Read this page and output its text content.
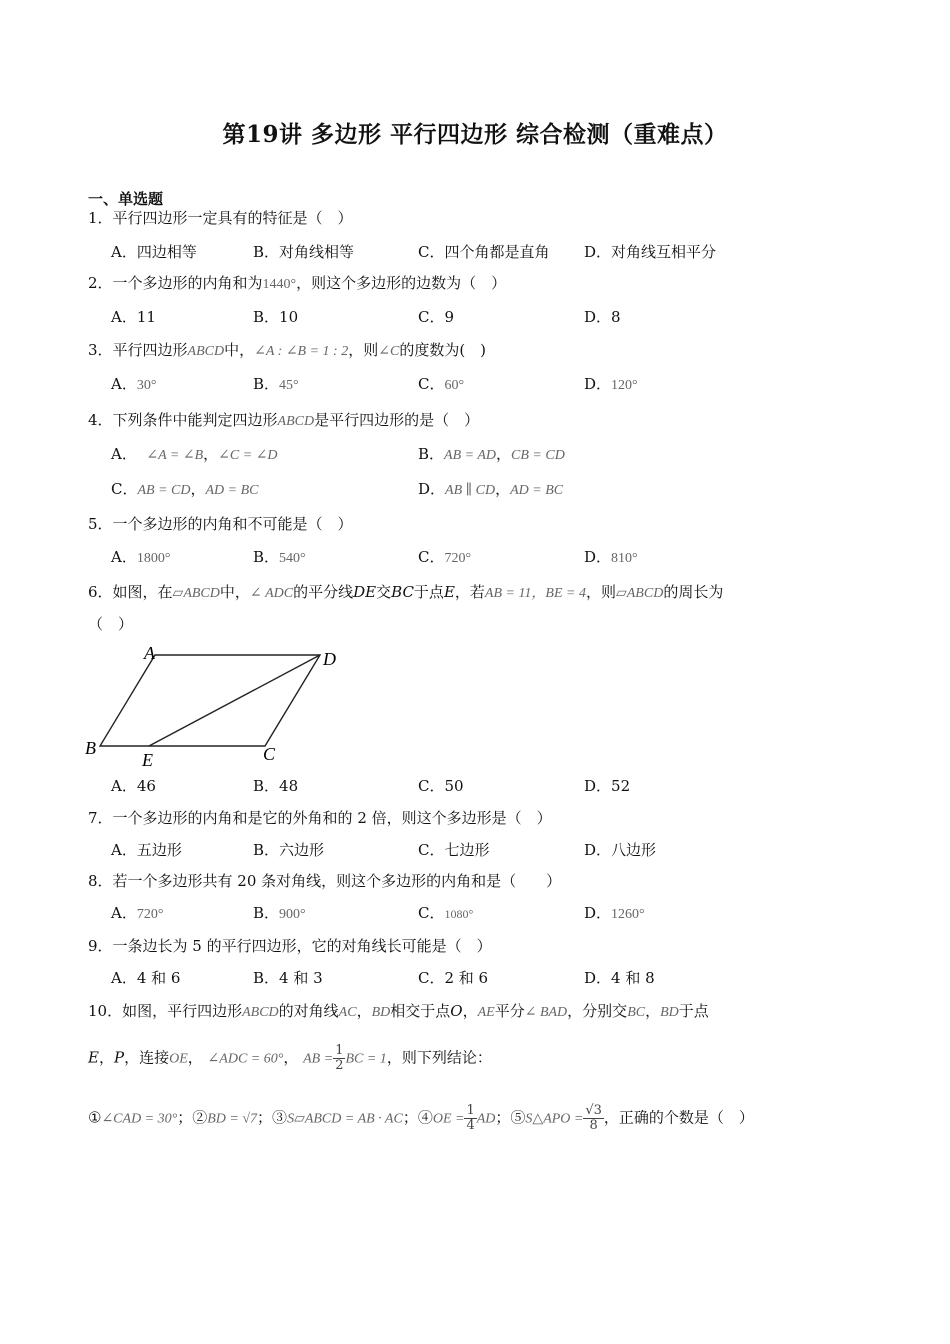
第19讲 多边形 平行四边形 综合检测（重难点）
一、单选题
1．平行四边形一定具有的特征是（　）
A．四边相等	B．对角线相等	C．四个角都是直角 D．对角线互相平分
2．一个多边形的内角和为1440°，则这个多边形的边数为（　）
A．11	B．10	C．9	D．8
3．平行四边形ABCD中，∠A : ∠B = 1 : 2，则∠C的度数为(　)
A．30°	B．45°	C．60°	D．120°
4．下列条件中能判定四边形ABCD是平行四边形的是（　）
A． ∠A = ∠B，∠C = ∠D	B．AB = AD，CB = CD
C．AB = CD，AD = BC	D．AB ∥ CD，AD = BC
5．一个多边形的内角和不可能是（　）
A．1800°	B．540°	C．720°	D．810°
6．如图，在▱ABCD中，∠ ADC的平分线DE交BC于点E，若AB = 11，BE = 4，则▱ABCD的周长为
（　）
A	D
B
E	C
A．46	B．48	C．50	D．52
7．一个多边形的内角和是它的外角和的 2 倍，则这个多边形是（　）
A．五边形	B．六边形	C．七边形	D．八边形
8．若一个多边形共有 20 条对角线，则这个多边形的内角和是（　　）
A．720°	B．900°	C．1080°	D．1260°
9．一条边长为 5 的平行四边形，它的对角线长可能是（　）
A．4 和 6	B．4 和 3	C．2 和 6	D．4 和 8
10．如图，平行四边形ABCD的对角线AC，BD相交于点O，AE平分∠ BAD，分别交BC，BD于点
E，P，连接OE， ∠ADC = 60°， AB = $\frac{1}{2}$ BC = 1，则下列结论：
①∠CAD = 30°；②BD = √7；③S▱ABCD = AB · AC；④OE = $\frac{1}{4}$ AD；⑤S△APO = $\frac{√3}{8}$ ，正确的个数是（　）
